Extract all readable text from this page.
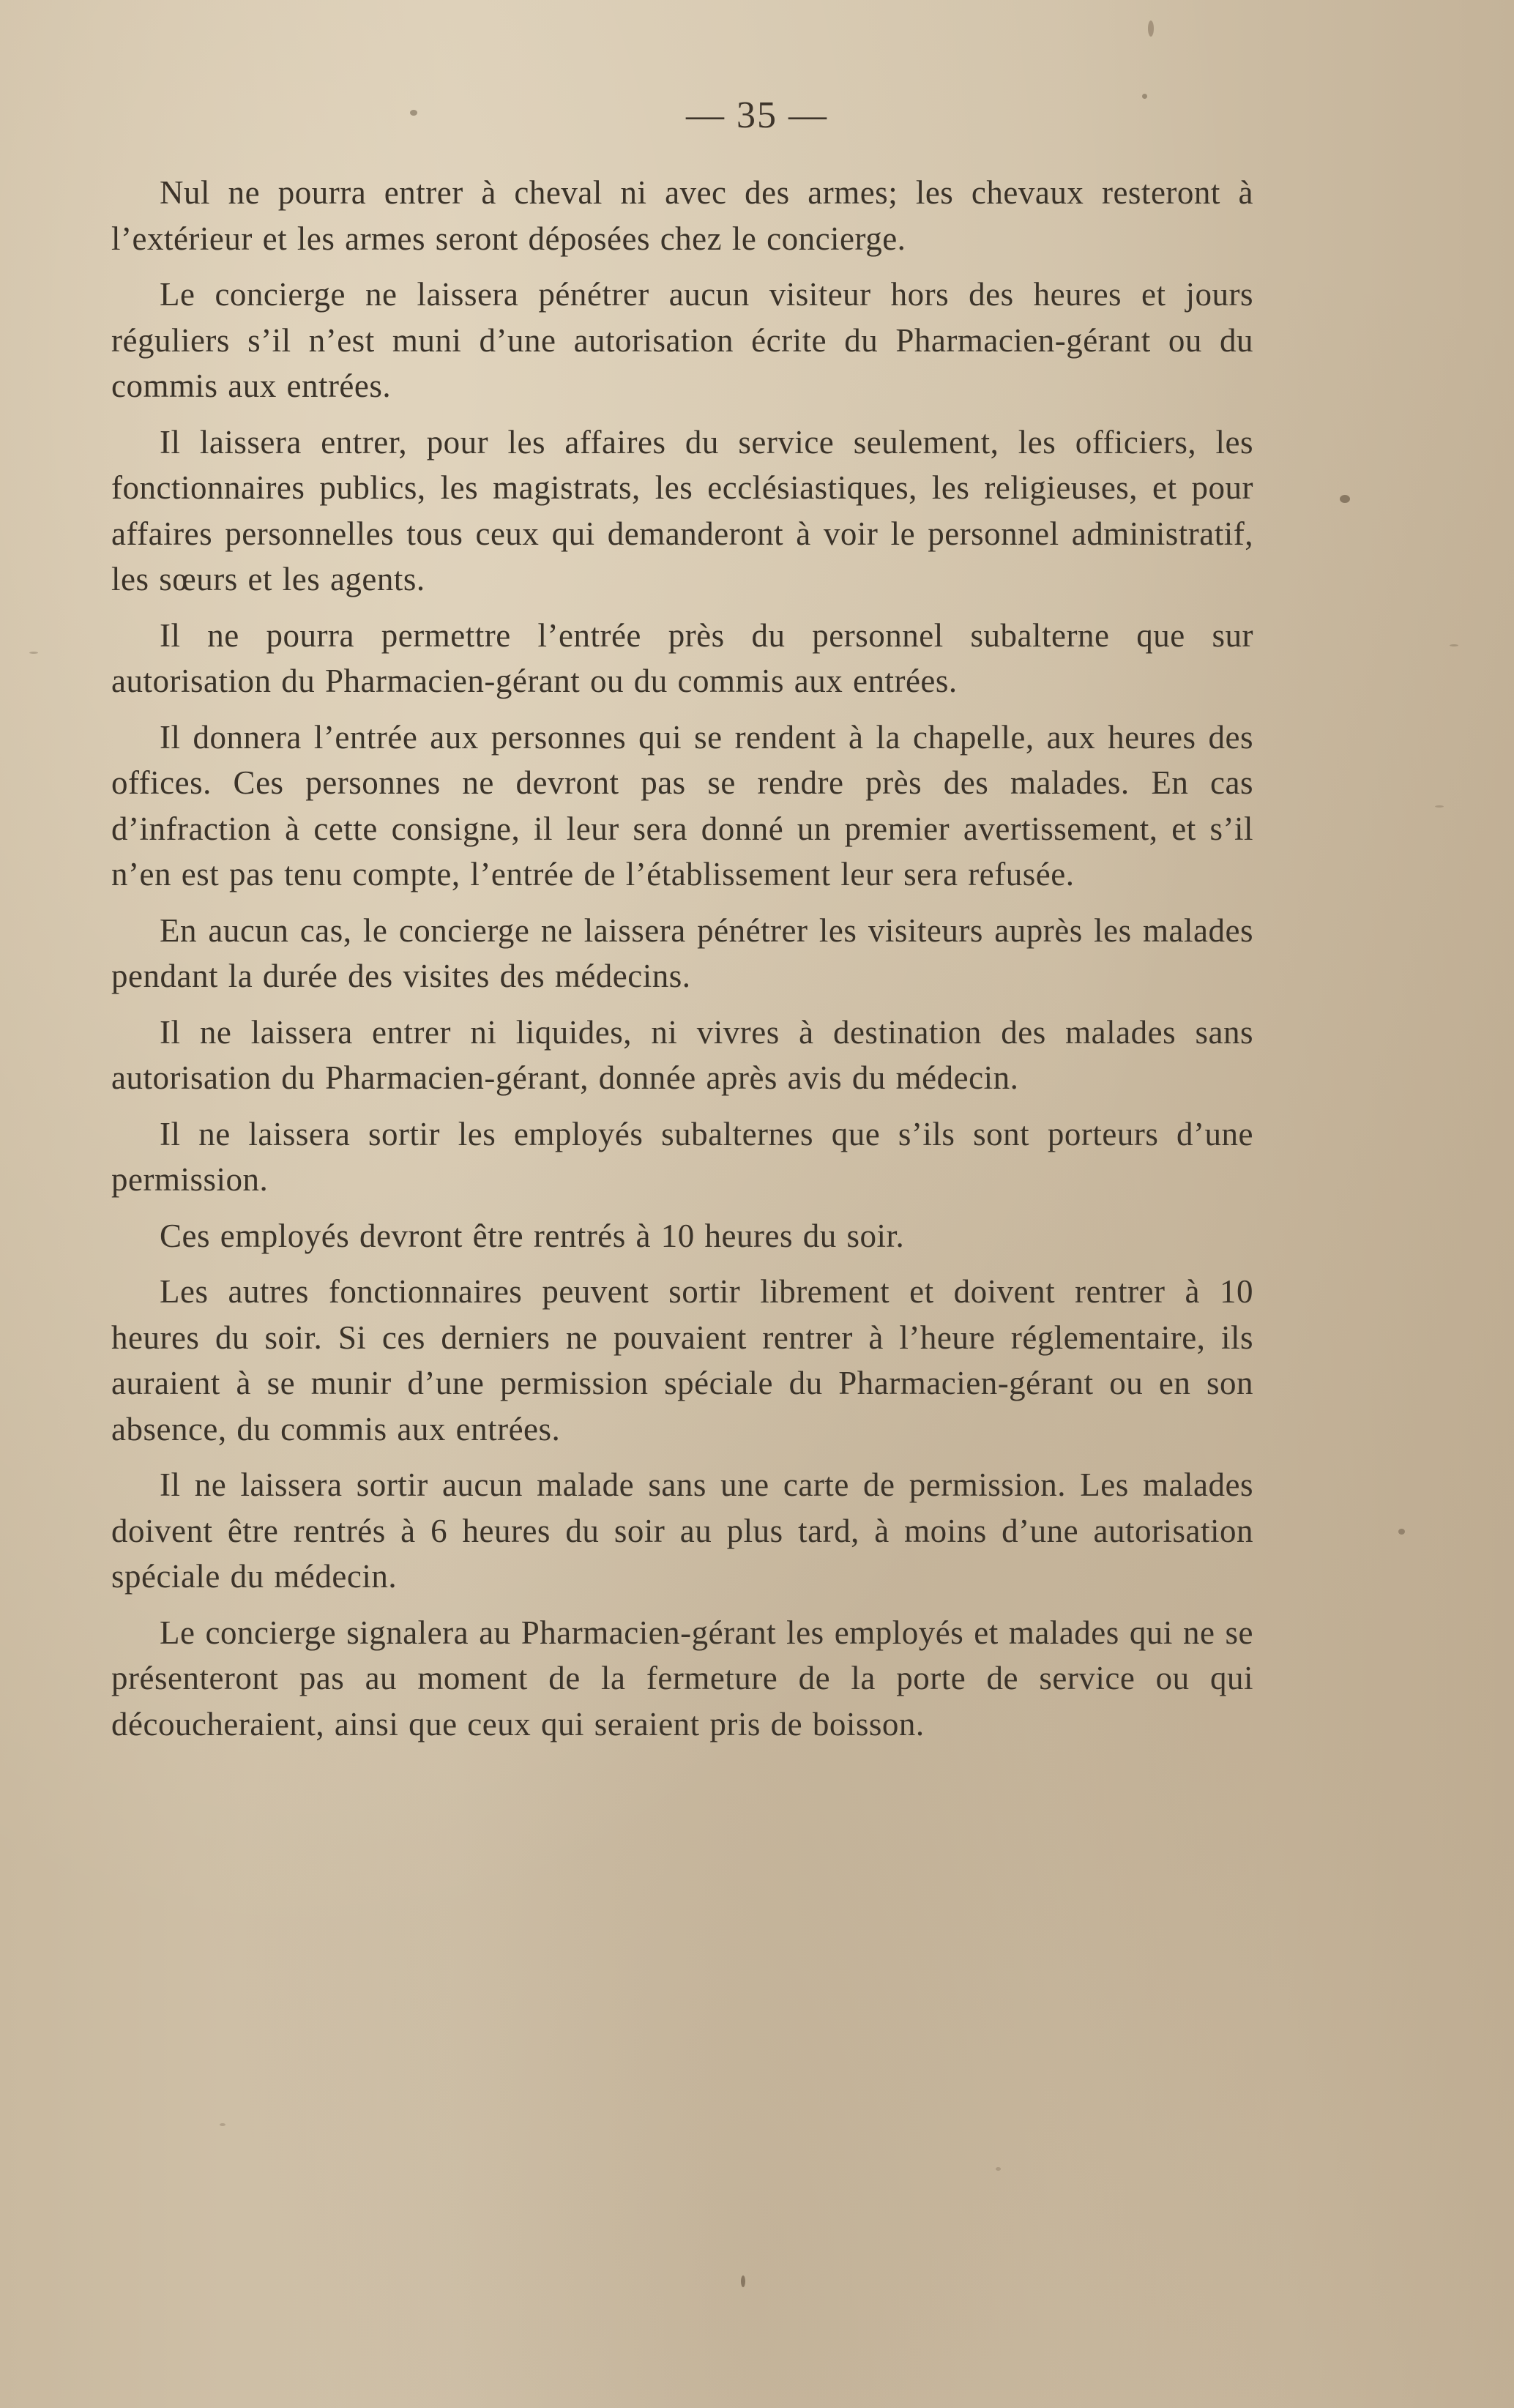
— 35 —

Nul ne pourra entrer à cheval ni avec des armes; les chevaux resteront à l’extérieur et les armes seront déposées chez le concierge.

Le concierge ne laissera pénétrer aucun visiteur hors des heures et jours réguliers s’il n’est muni d’une autorisation écrite du Pharmacien-gérant ou du commis aux entrées.

Il laissera entrer, pour les affaires du service seulement, les officiers, les fonctionnaires publics, les magistrats, les ecclésiastiques, les religieuses, et pour affaires personnelles tous ceux qui demanderont à voir le personnel administratif, les sœurs et les agents.

Il ne pourra permettre l’entrée près du personnel subalterne que sur autorisation du Pharmacien-gérant ou du commis aux entrées.

Il donnera l’entrée aux personnes qui se rendent à la chapelle, aux heures des offices. Ces personnes ne devront pas se rendre près des malades. En cas d’infraction à cette consigne, il leur sera donné un premier avertissement, et s’il n’en est pas tenu compte, l’entrée de l’établissement leur sera refusée.

En aucun cas, le concierge ne laissera pénétrer les visiteurs auprès les malades pendant la durée des visites des médecins.

Il ne laissera entrer ni liquides, ni vivres à destination des malades sans autorisation du Pharmacien-gérant, donnée après avis du médecin.

Il ne laissera sortir les employés subalternes que s’ils sont porteurs d’une permission.

Ces employés devront être rentrés à 10 heures du soir.

Les autres fonctionnaires peuvent sortir librement et doivent rentrer à 10 heures du soir. Si ces derniers ne pouvaient rentrer à l’heure réglementaire, ils auraient à se munir d’une permission spéciale du Pharmacien-gérant ou en son absence, du commis aux entrées.

Il ne laissera sortir aucun malade sans une carte de permission. Les malades doivent être rentrés à 6 heures du soir au plus tard, à moins d’une autorisation spéciale du médecin.

Le concierge signalera au Pharmacien-gérant les employés et malades qui ne se présenteront pas au moment de la fermeture de la porte de service ou qui découcheraient, ainsi que ceux qui seraient pris de boisson.
